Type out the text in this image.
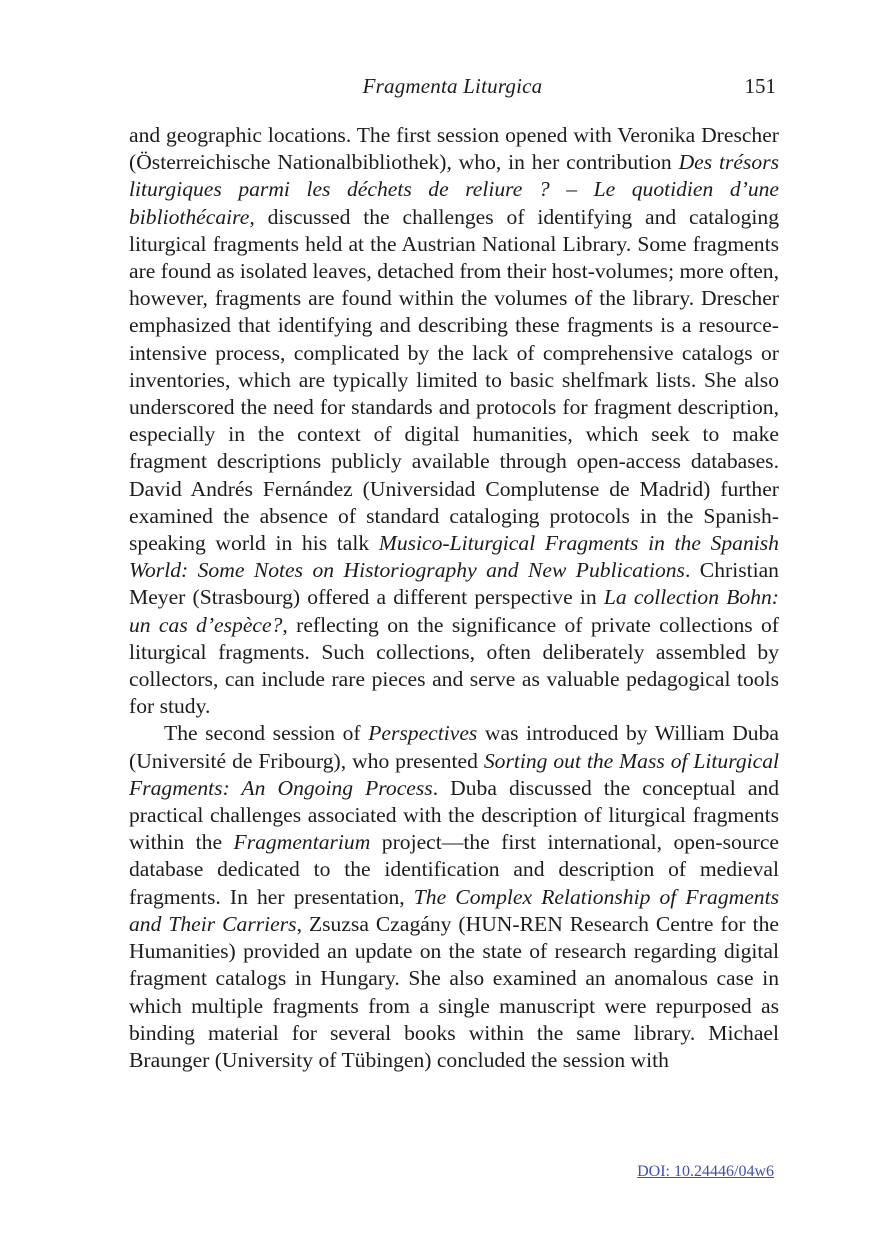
Fragmenta Liturgica	151

and geographic locations. The first session opened with Veronika Drescher (Österreichische Nationalbibliothek), who, in her contribution Des trésors liturgiques parmi les déchets de reliure ? – Le quotidien d’une bibliothécaire, discussed the challenges of identifying and cataloging liturgical fragments held at the Austrian National Library. Some fragments are found as isolated leaves, detached from their host-volumes; more often, however, fragments are found within the volumes of the library. Drescher emphasized that identifying and describing these fragments is a resource-intensive process, complicated by the lack of comprehensive catalogs or inventories, which are typically limited to basic shelfmark lists. She also underscored the need for standards and protocols for fragment description, especially in the context of digital humanities, which seek to make fragment descriptions publicly available through open-access databases. David Andrés Fernández (Universidad Complutense de Madrid) further examined the absence of standard cataloging protocols in the Spanish-speaking world in his talk Musico-Liturgical Fragments in the Spanish World: Some Notes on Historiography and New Publications. Christian Meyer (Strasbourg) offered a different perspective in La collection Bohn: un cas d’espèce?, reflecting on the significance of private collections of liturgical fragments. Such collections, often deliberately assembled by collectors, can include rare pieces and serve as valuable pedagogical tools for study.

The second session of Perspectives was introduced by William Duba (Université de Fribourg), who presented Sorting out the Mass of Liturgical Fragments: An Ongoing Process. Duba discussed the conceptual and practical challenges associated with the description of liturgical fragments within the Fragmentarium project—the first international, open-source database dedicated to the identification and description of medieval fragments. In her presentation, The Complex Relationship of Fragments and Their Carriers, Zsuzsa Czagány (HUN-REN Research Centre for the Humanities) provided an update on the state of research regarding digital fragment catalogs in Hungary. She also examined an anomalous case in which multiple fragments from a single manuscript were repurposed as binding material for several books within the same library. Michael Braunger (University of Tübingen) concluded the session with

DOI: 10.24446/04w6
